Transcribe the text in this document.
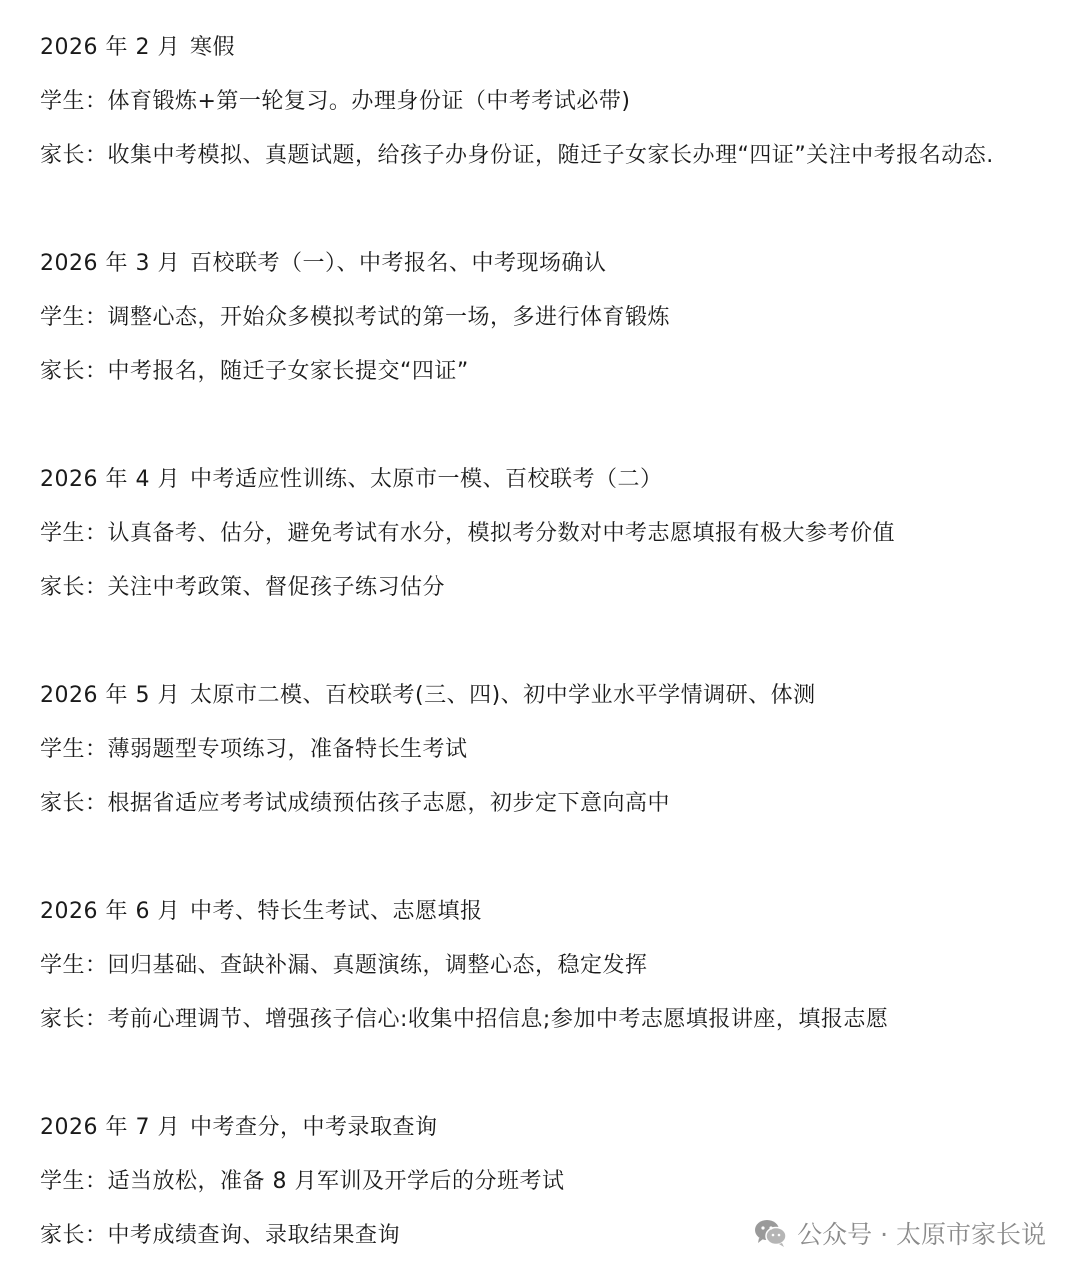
2026 年 2 月 寒假
学生：体育锻炼+第一轮复习。办理身份证（中考考试必带)
家长：收集中考模拟、真题试题，给孩子办身份证，随迁子女家长办理“四证”关注中考报名动态.
2026 年 3 月 百校联考（一）、中考报名、中考现场确认
学生：调整心态，开始众多模拟考试的第一场，多进行体育锻炼
家长：中考报名，随迁子女家长提交“四证”
2026 年 4 月 中考适应性训练、太原市一模、百校联考（二）
学生：认真备考、估分，避免考试有水分，模拟考分数对中考志愿填报有极大参考价值
家长：关注中考政策、督促孩子练习估分
2026 年 5 月 太原市二模、百校联考(三、四)、初中学业水平学情调研、体测
学生：薄弱题型专项练习，准备特长生考试
家长：根据省适应考考试成绩预估孩子志愿，初步定下意向高中
2026 年 6 月 中考、特长生考试、志愿填报
学生：回归基础、查缺补漏、真题演练，调整心态，稳定发挥
家长：考前心理调节、增强孩子信心:收集中招信息;参加中考志愿填报讲座，填报志愿
2026 年 7 月 中考查分，中考录取查询
学生：适当放松，准备 8 月军训及开学后的分班考试
家长：中考成绩查询、录取结果查询	公众号 · 太原市家长说
